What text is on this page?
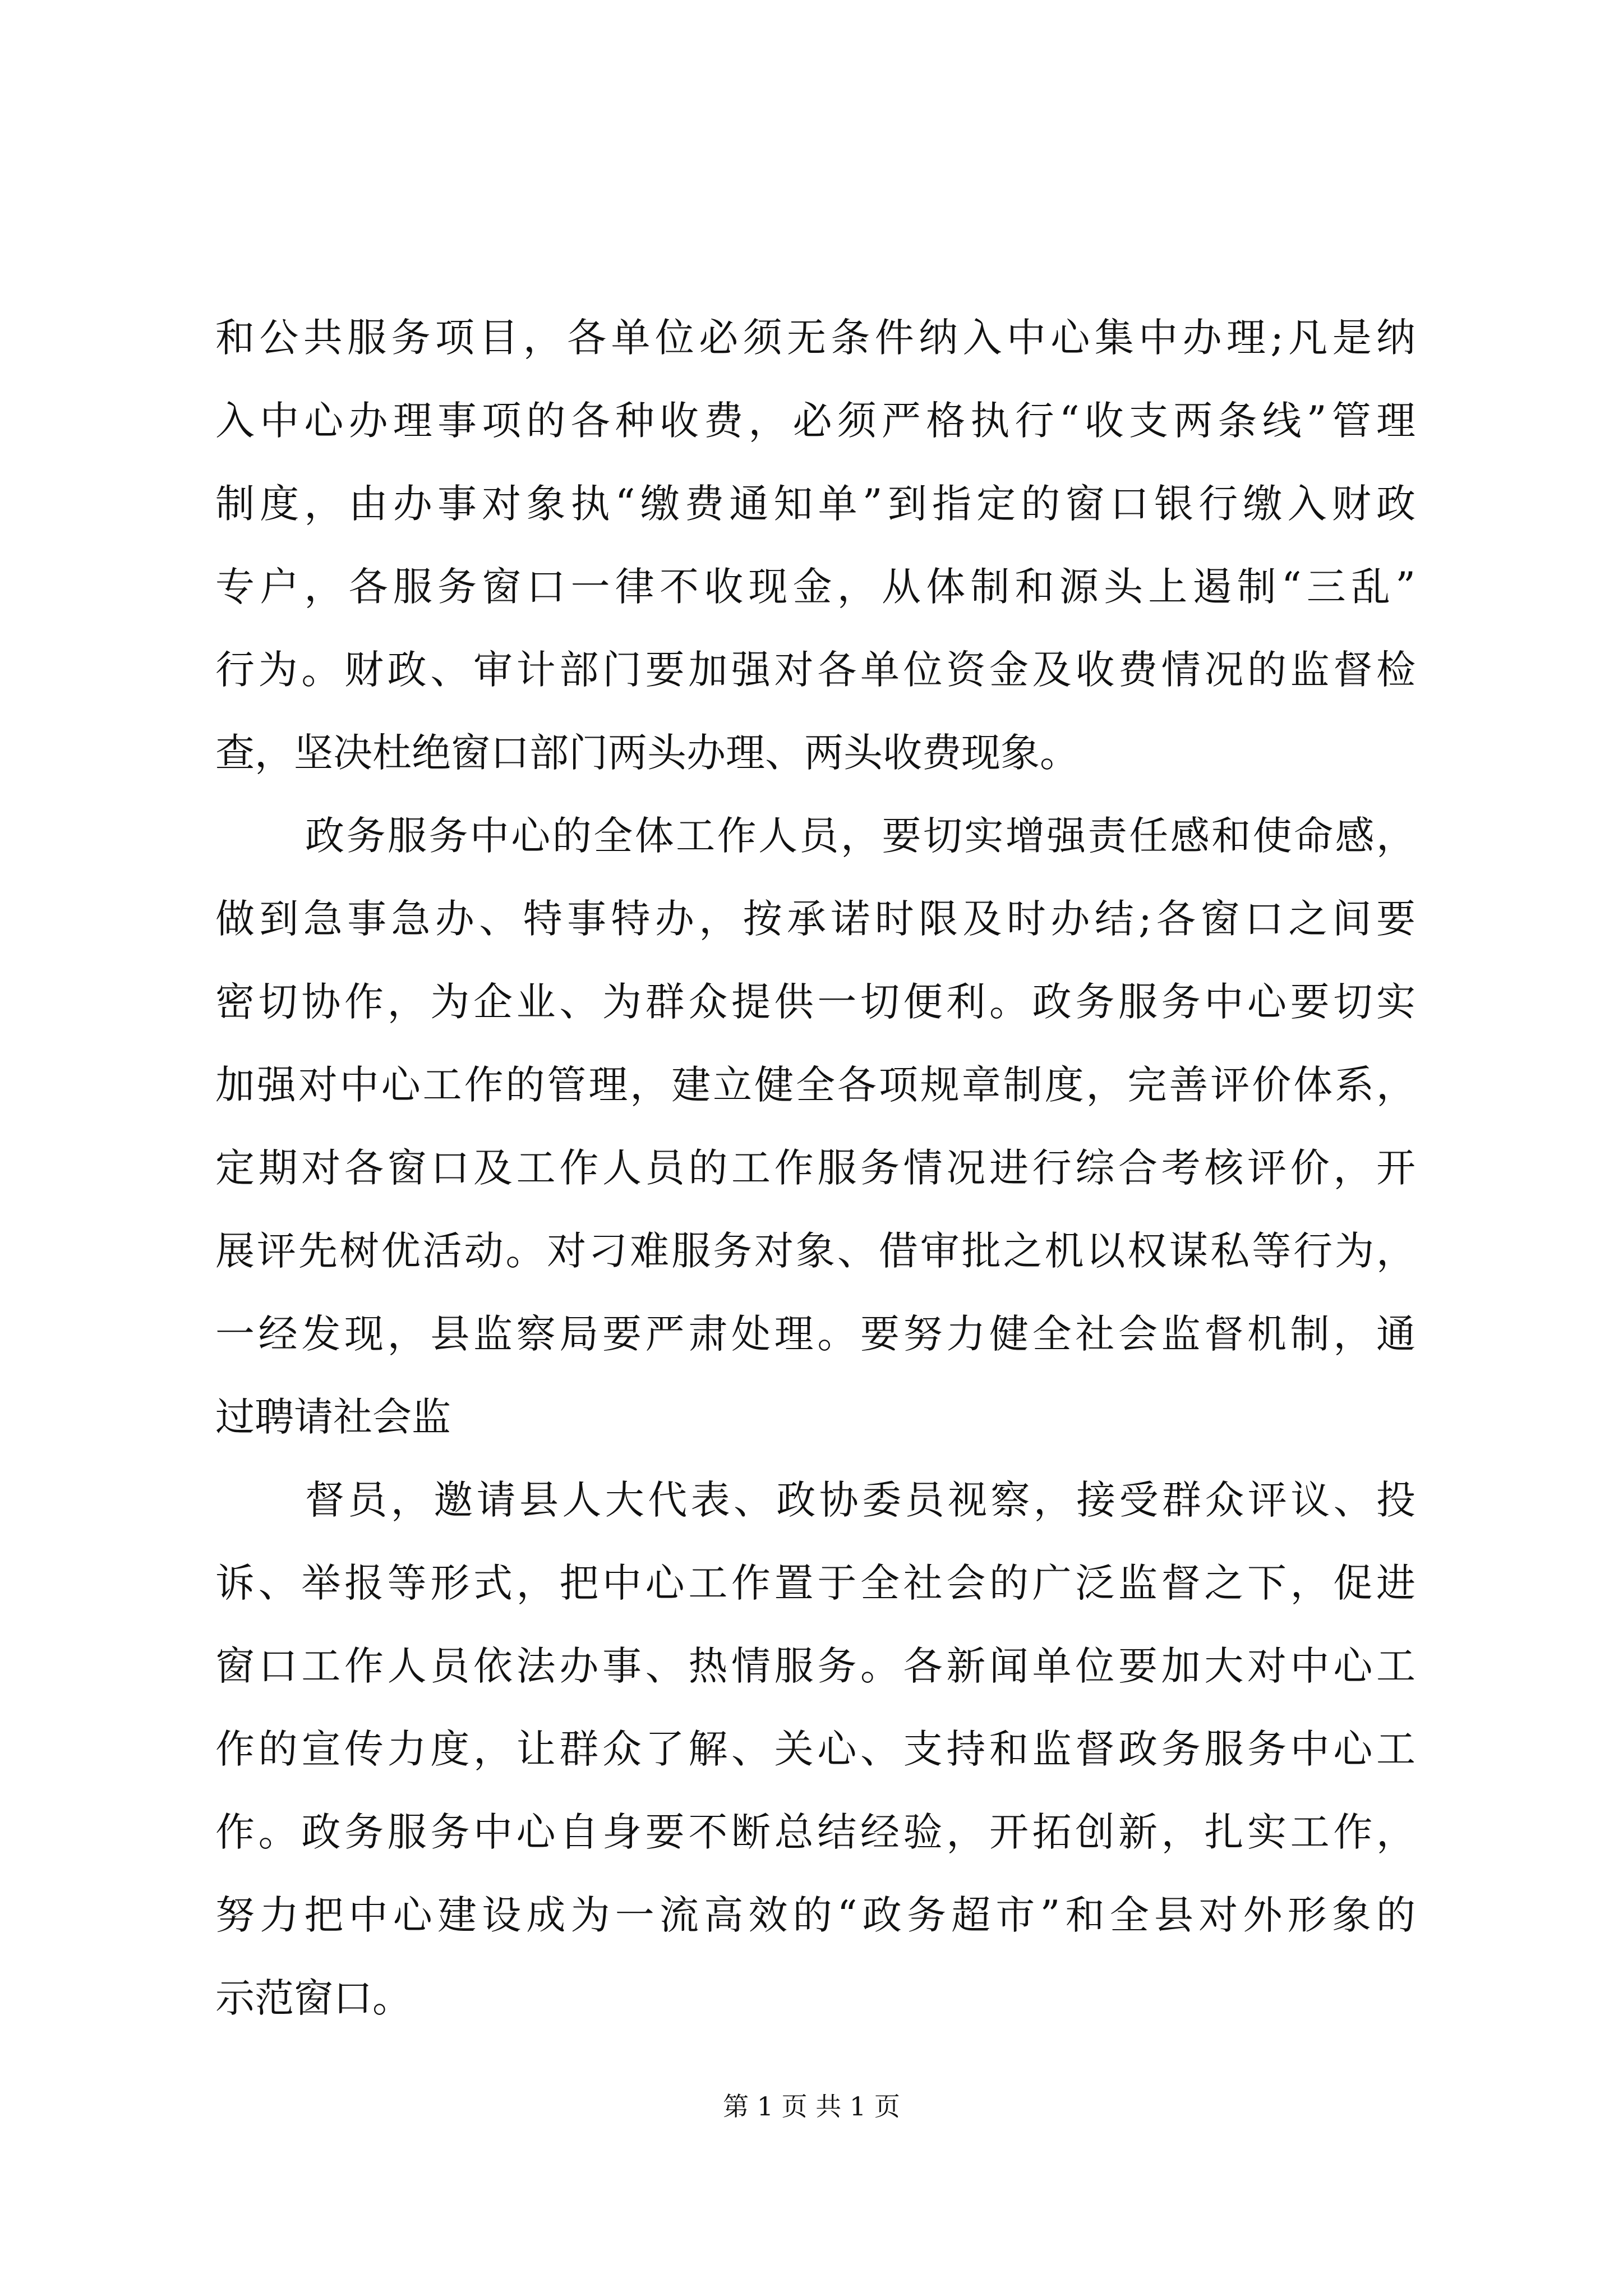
和公共服务项目，各单位必须无条件纳入中心集中办理;凡是纳
入中心办理事项的各种收费，必须严格执行“收支两条线”管理
制度，由办事对象执“缴费通知单”到指定的窗口银行缴入财政
专户，各服务窗口一律不收现金，从体制和源头上遏制“三乱”
行为。财政、审计部门要加强对各单位资金及收费情况的监督检
查，坚决杜绝窗口部门两头办理、两头收费现象。
政务服务中心的全体工作人员，要切实增强责任感和使命感，
做到急事急办、特事特办，按承诺时限及时办结;各窗口之间要
密切协作，为企业、为群众提供一切便利。政务服务中心要切实
加强对中心工作的管理，建立健全各项规章制度，完善评价体系，
定期对各窗口及工作人员的工作服务情况进行综合考核评价，开
展评先树优活动。对刁难服务对象、借审批之机以权谋私等行为，
一经发现，县监察局要严肃处理。要努力健全社会监督机制，通
过聘请社会监
督员，邀请县人大代表、政协委员视察，接受群众评议、投
诉、举报等形式，把中心工作置于全社会的广泛监督之下，促进
窗口工作人员依法办事、热情服务。各新闻单位要加大对中心工
作的宣传力度，让群众了解、关心、支持和监督政务服务中心工
作。政务服务中心自身要不断总结经验，开拓创新，扎实工作，
努力把中心建设成为一流高效的“政务超市”和全县对外形象的
示范窗口。
第 1 页 共 1 页
